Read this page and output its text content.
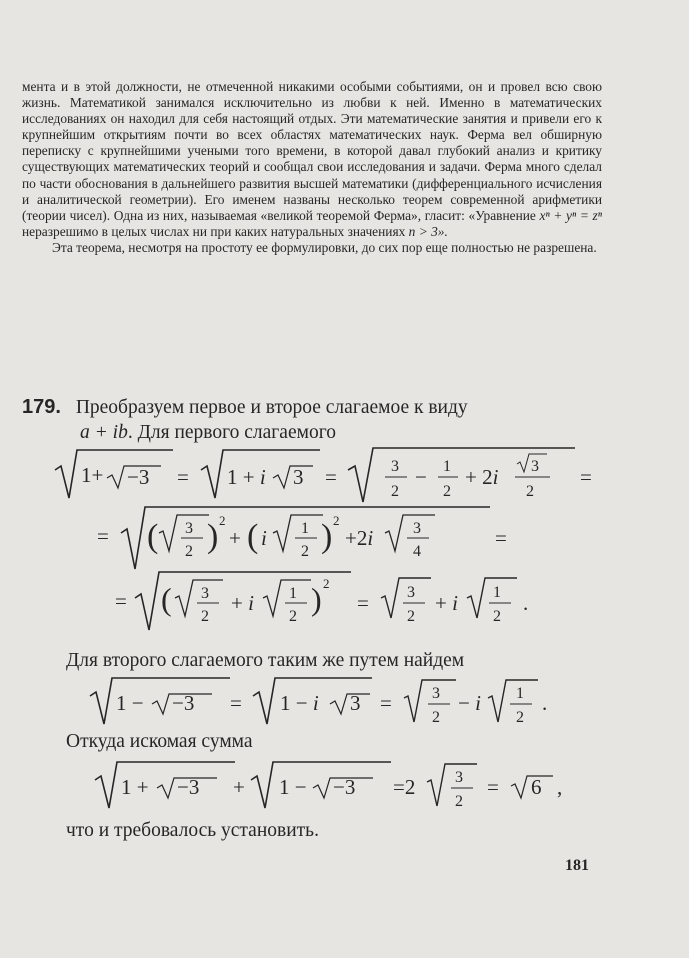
мента и в этой должности, не отмеченной никакими особыми событиями, он и провел всю свою жизнь. Математикой занимался исключительно из любви к ней. Именно в математических исследованиях он находил для себя настоящий отдых. Эти математические занятия и привели его к крупнейшим открытиям почти во всех областях математических наук. Ферма вел обширную переписку с крупнейшими учеными того времени, в которой давал глубокий анализ и критику существующих математических теорий и сообщал свои исследования и задачи. Ферма много сделал по части обоснования в дальнейшего развития высшей математики (дифференциального исчисления и аналитической геометрии). Его именем названы несколько теорем современной арифметики (теории чисел). Одна из них, называемая «великой теоремой Ферма», гласит: «Уравнение xⁿ + yⁿ = zⁿ неразрешимо в целых числах ни при каких натуральных значениях n > 3».

Эта теорема, несмотря на простоту ее формулировки, до сих пор еще полностью не разрешена.

179. Преобразуем первое и второе слагаемое к виду
a + ib. Для первого слагаемого
1+ −3 = 1 + i 3 =	3
2
− 1
2
+ 2i 3
2
=
= ( 3
2 ) 2
+ ( i 1
2 ) 2
+2i 3
4
=
= ( 3
2
+ i 1
2 ) 2
= 3
2
+ i 1
2
.
Для второго слагаемого таким же путем найдем
1 − −3 = 1 − i 3 =	3
2
− i 1
2
.
Откуда искомая сумма
1 + −3 + 1 − −3 =2 3
2
= 6 ,
что и требовалось установить.
181
